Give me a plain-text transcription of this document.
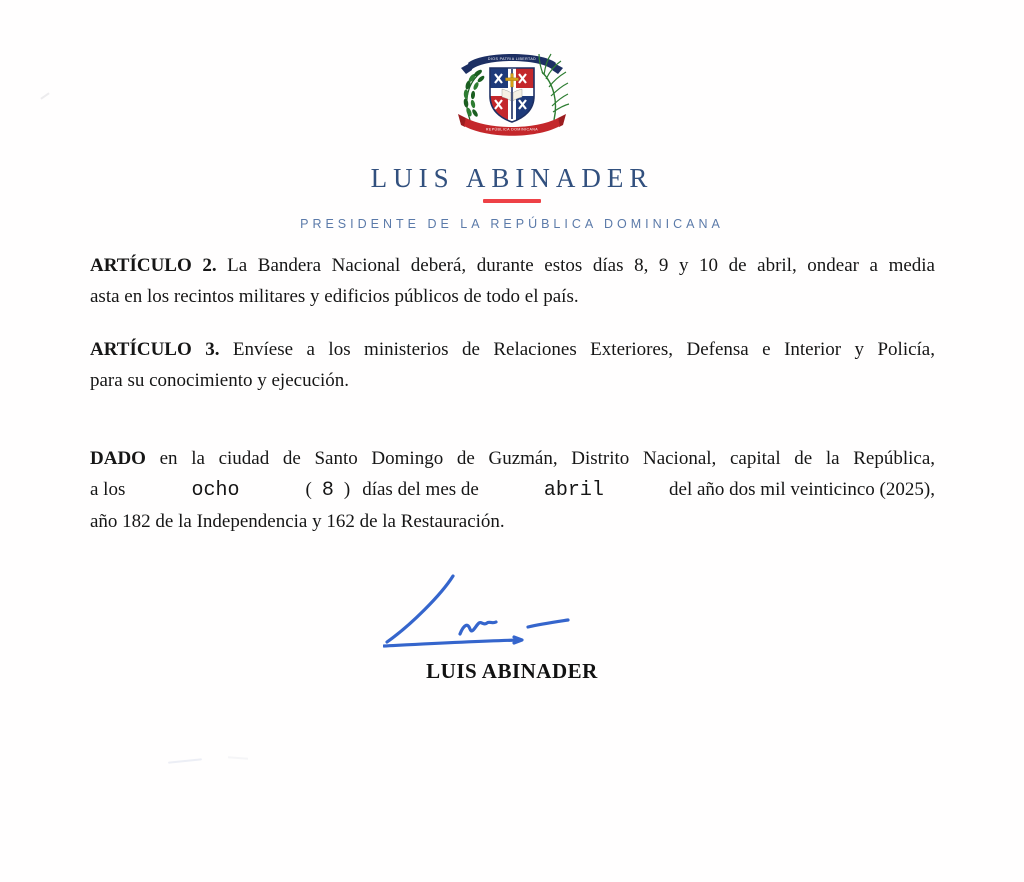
DIOS PATRIA LIBERTAD
REPÚBLICA DOMINICANA
LUIS ABINADER
PRESIDENTE DE LA REPÚBLICA DOMINICANA
ARTÍCULO 2. La Bandera Nacional deberá, durante estos días 8, 9 y 10 de abril, ondear a media
asta en los recintos militares y edificios públicos de todo el país.
ARTÍCULO 3. Envíese a los ministerios de Relaciones Exteriores, Defensa e Interior y Policía,
para su conocimiento y ejecución.
DADO en la ciudad de Santo Domingo de Guzmán, Distrito Nacional, capital de la República,
a los	ocho	( 8 ) días del mes de	abril	del año dos mil veinticinco (2025),
año 182 de la Independencia y 162 de la Restauración.
LUIS ABINADER
